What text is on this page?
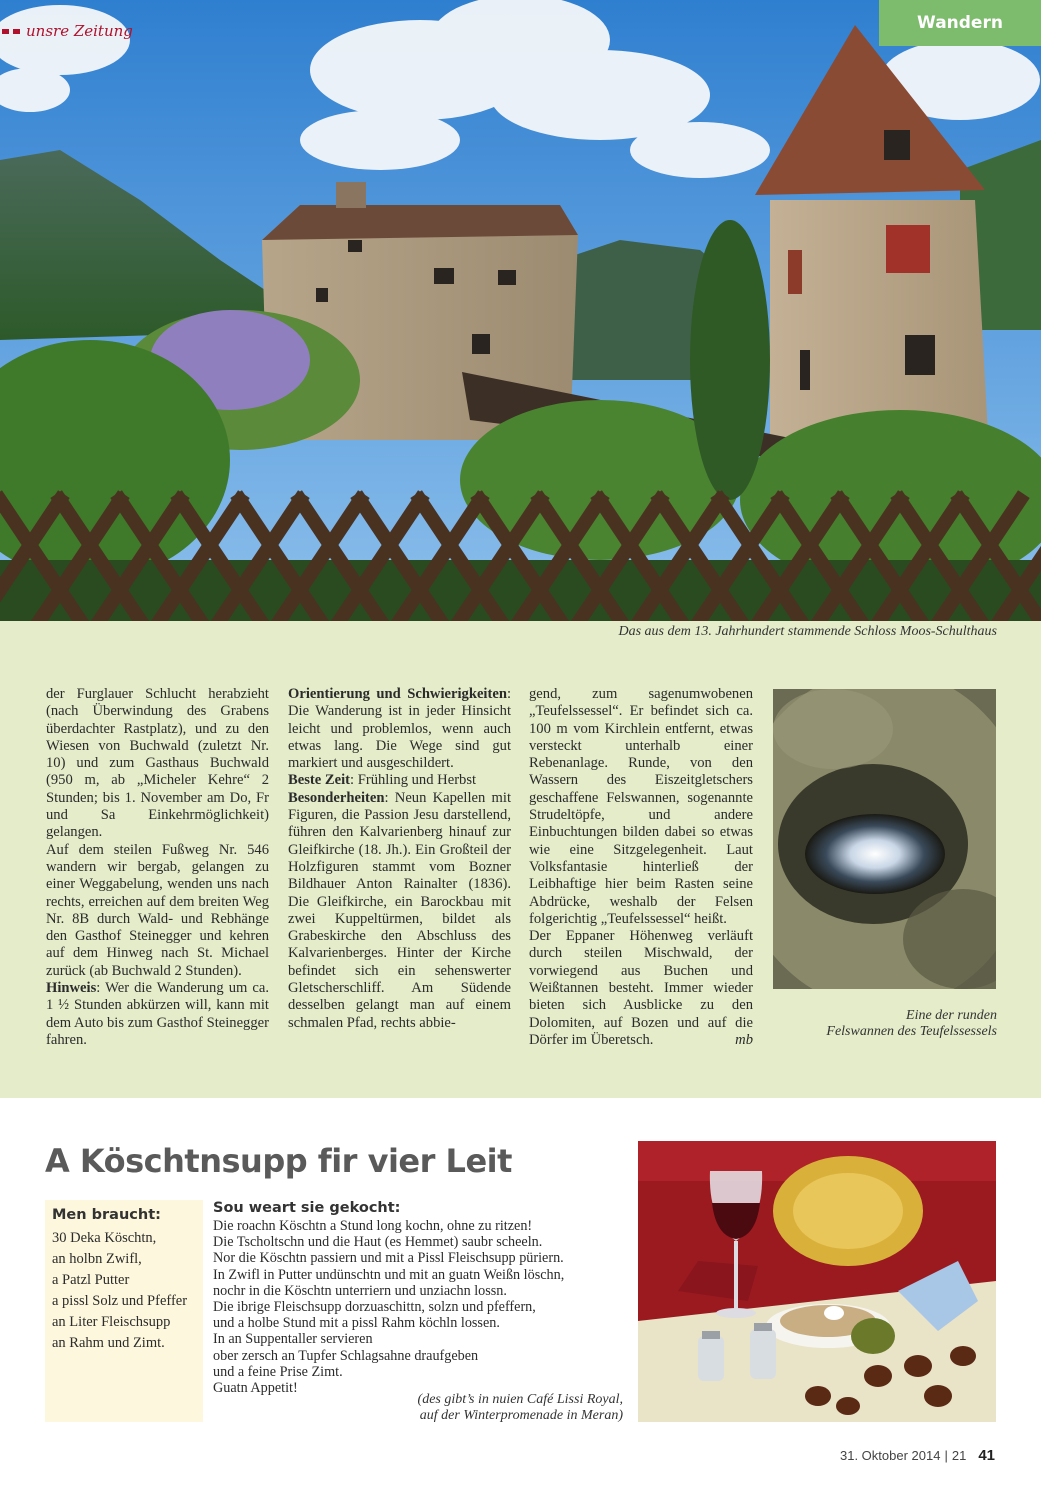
unsre Zeitung	Wandern
Das aus dem 13. Jahrhundert stammende Schloss Moos-Schulthaus

der Furglauer Schlucht herabzieht (nach Überwindung des Grabens überdachter Rastplatz), und zu den Wiesen von Buchwald (zuletzt Nr. 10) und zum Gasthaus Buchwald (950 m, ab „Micheler Kehre“ 2 Stunden; bis 1. November am Do, Fr und Sa Einkehrmöglichkeit) gelangen.

Auf dem steilen Fußweg Nr. 546 wandern wir bergab, gelangen zu einer Weggabelung, wenden uns nach rechts, erreichen auf dem breiten Weg Nr. 8B durch Wald- und Rebhänge den Gasthof Steinegger und kehren auf dem Hinweg nach St. Michael zurück (ab Buchwald 2 Stunden).

Hinweis: Wer die Wanderung um ca. 1 ½ Stunden abkürzen will, kann mit dem Auto bis zum Gasthof Steinegger fahren.

Orientierung und Schwierigkeiten: Die Wanderung ist in jeder Hinsicht leicht und problemlos, wenn auch etwas lang. Die Wege sind gut markiert und ausgeschildert.

Beste Zeit: Frühling und Herbst

Besonderheiten: Neun Kapellen mit Figuren, die Passion Jesu darstellend, führen den Kalvarienberg hinauf zur Gleifkirche (18. Jh.). Ein Großteil der Holzfiguren stammt vom Bozner Bildhauer Anton Rainalter (1836). Die Gleifkirche, ein Barockbau mit zwei Kuppeltürmen, bildet als Grabeskirche den Abschluss des Kalvarienberges. Hinter der Kirche befindet sich ein sehenswerter Gletscherschliff. Am Südende desselben gelangt man auf einem schmalen Pfad, rechts abbie-

gend, zum sagenumwobenen „Teufelssessel“. Er befindet sich ca. 100 m vom Kirchlein entfernt, etwas versteckt unterhalb einer Rebenanlage. Runde, von den Wassern des Eiszeitgletschers geschaffene Felswannen, sogenannte Strudeltöpfe, und andere Einbuchtungen bilden dabei so etwas wie eine Sitzgelegenheit. Laut Volksfantasie hinterließ der Leibhaftige hier beim Rasten seine Abdrücke, weshalb der Felsen folgerichtig „Teufelssessel“ heißt.

Der Eppaner Höhenweg verläuft durch steilen Mischwald, der vorwiegend aus Buchen und Weißtannen besteht. Immer wieder bieten sich Ausblicke zu den Dolomiten, auf Bozen und auf die Dörfer im Überetsch.	mb

Eine der runden
Felswannen des Teufelssessels
A Köschtnsupp fir vier Leit
Men braucht:
30 Deka Köschtn,
an holbn Zwifl,
a Patzl Putter
a pissl Solz und Pfeffer
an Liter Fleischsupp
an Rahm und Zimt.
Sou weart sie gekocht:
Die roachn Köschtn a Stund long kochn, ohne zu ritzen!
Die Tscholtschn und die Haut (es Hemmet) saubr scheeln.
Nor die Köschtn passiern und mit a Pissl Fleischsupp püriern.
In Zwifl in Putter undünschtn und mit an guatn Weißn löschn,
nochr in die Köschtn unterriern und unziachn lossn.
Die ibrige Fleischsupp dorzuaschittn, solzn und pfeffern,
und a holbe Stund mit a pissl Rahm köchln lossen.
In an Suppentaller servieren
ober zersch an Tupfer Schlagsahne draufgeben
und a feine Prise Zimt.
Guatn Appetit!
(des gibt’s in nuien Café Lissi Royal,
auf der Winterpromenade in Meran)
31. Oktober 2014 | 21 41
